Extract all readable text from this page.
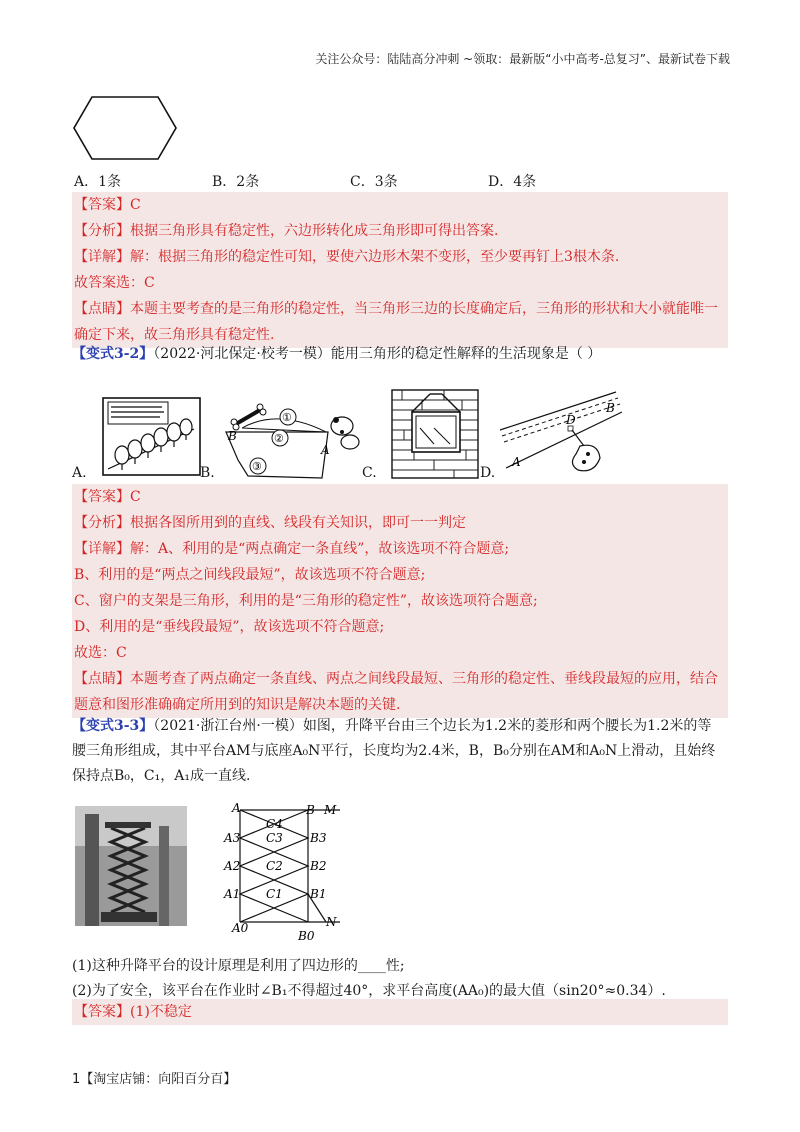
关注公众号：陆陆高分冲刺 ~领取：最新版“小中高考-总复习”、最新试卷下载
A．1条	B．2条	C．3条	D．4条
【答案】C
【分析】根据三角形具有稳定性，六边形转化成三角形即可得出答案.
【详解】解：根据三角形的稳定性可知，要使六边形木架不变形，至少要再钉上3根木条.
故答案选：C
【点睛】本题主要考查的是三角形的稳定性，当三角形三边的长度确定后，三角形的形状和大小就能唯一
确定下来，故三角形具有稳定性.
【变式3-2】（2022·河北保定·校考一模）能用三角形的稳定性解释的生活现象是（ ）
A.	B.
B
A
①
②
③	C.	D.
B
D
A
【答案】C
【分析】根据各图所用到的直线、线段有关知识，即可一一判定
【详解】解：A、利用的是“两点确定一条直线”，故该选项不符合题意;
B、利用的是“两点之间线段最短”，故该选项不符合题意;
C、窗户的支架是三角形，利用的是“三角形的稳定性”，故该选项符合题意;
D、利用的是“垂线段最短”，故该选项不符合题意;
故选：C
【点睛】本题考查了两点确定一条直线、两点之间线段最短、三角形的稳定性、垂线段最短的应用，结合
题意和图形准确确定所用到的知识是解决本题的关键.
【变式3-3】（2021·浙江台州·一模）如图，升降平台由三个边长为1.2米的菱形和两个腰长为1.2米的等
腰三角形组成，其中平台AM与底座A₀N平行，长度均为2.4米，B，B₀分别在AM和A₀N上滑动，且始终
保持点B₀，C₁，A₁成一直线.
A	B M
C4
A3 C3 B3
A2 C2 B2
A1 C1 B1
A0	N
B0
(1)这种升降平台的设计原理是利用了四边形的____性;
(2)为了安全，该平台在作业时∠B₁不得超过40°，求平台高度(AA₀)的最大值（sin20°≈0.34）.
【答案】(1)不稳定
1【淘宝店铺：向阳百分百】
